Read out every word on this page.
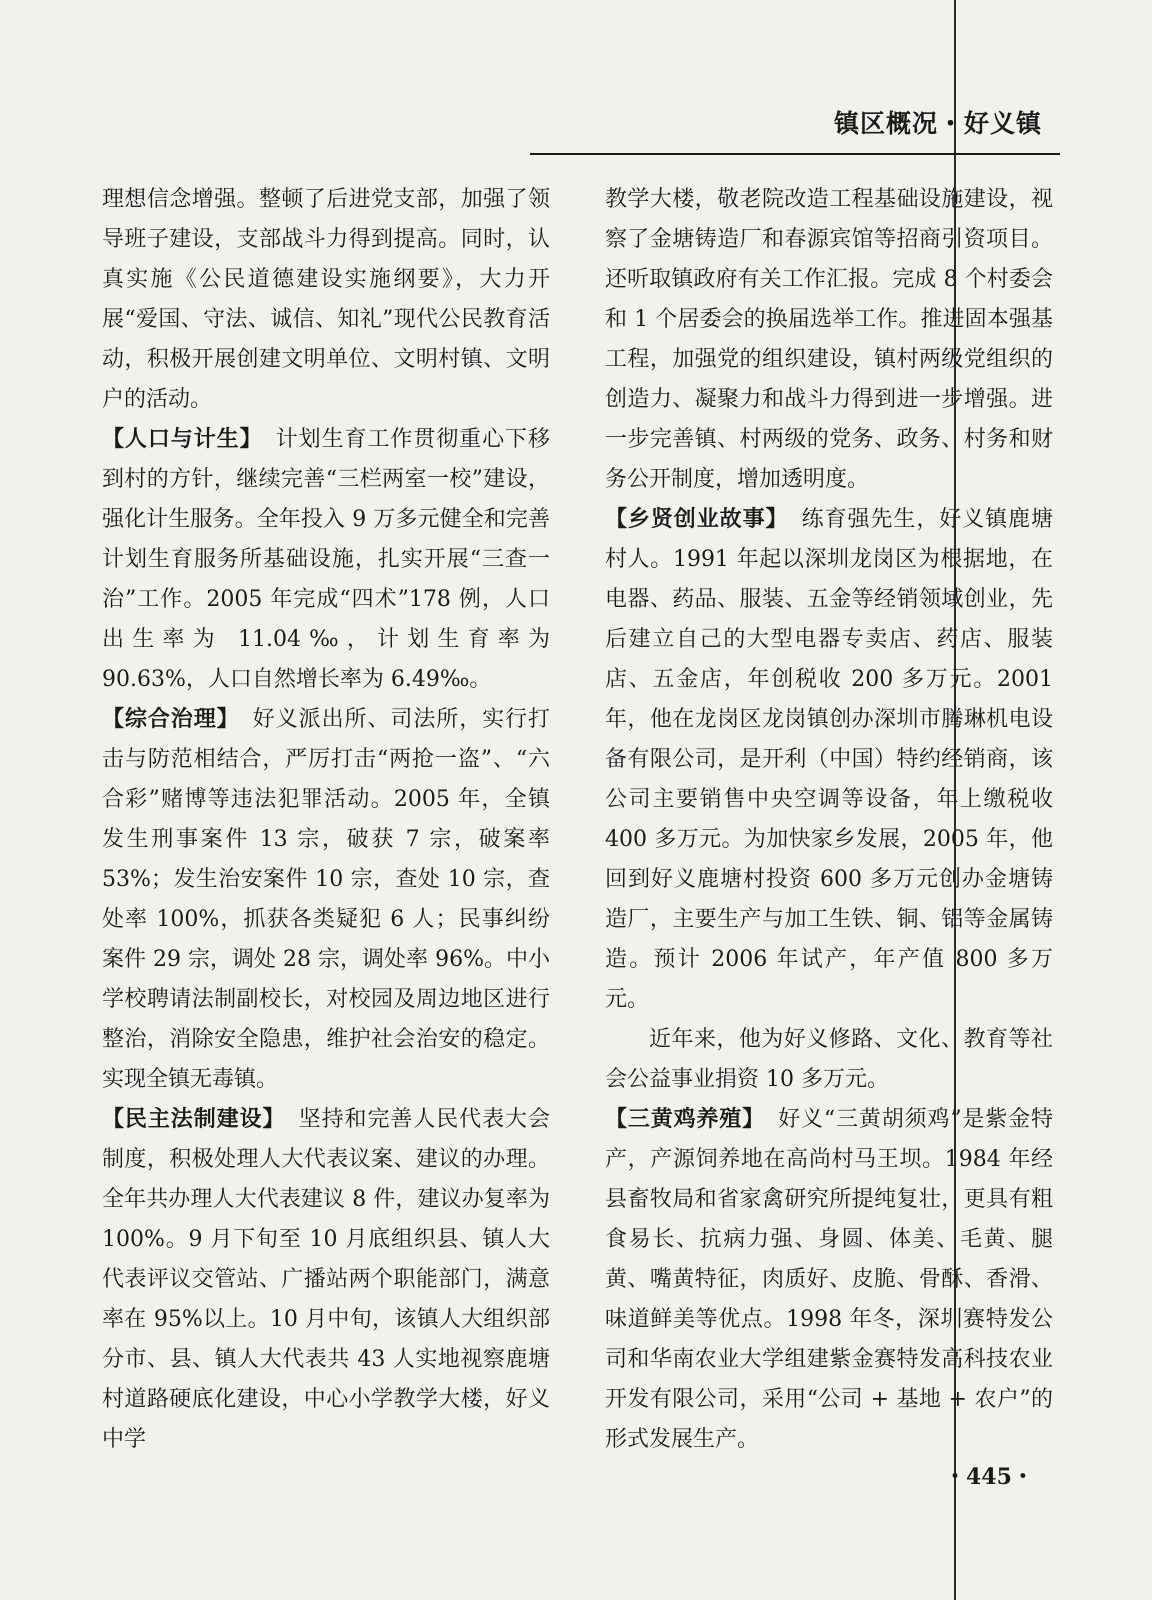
镇区概况・好义镇

理想信念增强。整顿了后进党支部，加强了领导班子建设，支部战斗力得到提高。同时，认真实施《公民道德建设实施纲要》，大力开展“爱国、守法、诚信、知礼”现代公民教育活动，积极开展创建文明单位、文明村镇、文明户的活动。

【人口与计生】 计划生育工作贯彻重心下移到村的方针，继续完善“三栏两室一校”建设，强化计生服务。全年投入 9 万多元健全和完善计划生育服务所基础设施，扎实开展“三查一治”工作。2005 年完成“四术”178 例，人口出生率为 11.04‰，计划生育率为 90.63%，人口自然增长率为 6.49‰。

【综合治理】 好义派出所、司法所，实行打击与防范相结合，严厉打击“两抢一盗”、“六合彩”赌博等违法犯罪活动。2005 年，全镇发生刑事案件 13 宗，破获 7 宗，破案率 53%；发生治安案件 10 宗，查处 10 宗，查处率 100%，抓获各类疑犯 6 人；民事纠纷案件 29 宗，调处 28 宗，调处率 96%。中小学校聘请法制副校长，对校园及周边地区进行整治，消除安全隐患，维护社会治安的稳定。实现全镇无毒镇。

【民主法制建设】 坚持和完善人民代表大会制度，积极处理人大代表议案、建议的办理。全年共办理人大代表建议 8 件，建议办复率为 100%。9 月下旬至 10 月底组织县、镇人大代表评议交管站、广播站两个职能部门，满意率在 95%以上。10 月中旬，该镇人大组织部分市、县、镇人大代表共 43 人实地视察鹿塘村道路硬底化建设，中心小学教学大楼，好义中学

教学大楼，敬老院改造工程基础设施建设，视察了金塘铸造厂和春源宾馆等招商引资项目。还听取镇政府有关工作汇报。完成 8 个村委会和 1 个居委会的换届选举工作。推进固本强基工程，加强党的组织建设，镇村两级党组织的创造力、凝聚力和战斗力得到进一步增强。进一步完善镇、村两级的党务、政务、村务和财务公开制度，增加透明度。

【乡贤创业故事】 练育强先生，好义镇鹿塘村人。1991 年起以深圳龙岗区为根据地，在电器、药品、服装、五金等经销领域创业，先后建立自己的大型电器专卖店、药店、服装店、五金店，年创税收 200 多万元。2001 年，他在龙岗区龙岗镇创办深圳市腾琳机电设备有限公司，是开利（中国）特约经销商，该公司主要销售中央空调等设备，年上缴税收 400 多万元。为加快家乡发展，2005 年，他回到好义鹿塘村投资 600 多万元创办金塘铸造厂，主要生产与加工生铁、铜、铝等金属铸造。预计 2006 年试产，年产值 800 多万元。

近年来，他为好义修路、文化、教育等社会公益事业捐资 10 多万元。

【三黄鸡养殖】 好义“三黄胡须鸡”是紫金特产，产源饲养地在高尚村马王坝。1984 年经县畜牧局和省家禽研究所提纯复壮，更具有粗食易长、抗病力强、身圆、体美、毛黄、腿黄、嘴黄特征，肉质好、皮脆、骨酥、香滑、味道鲜美等优点。1998 年冬，深圳赛特发公司和华南农业大学组建紫金赛特发高科技农业开发有限公司，采用“公司 + 基地 + 农户”的形式发展生产。

・445・
